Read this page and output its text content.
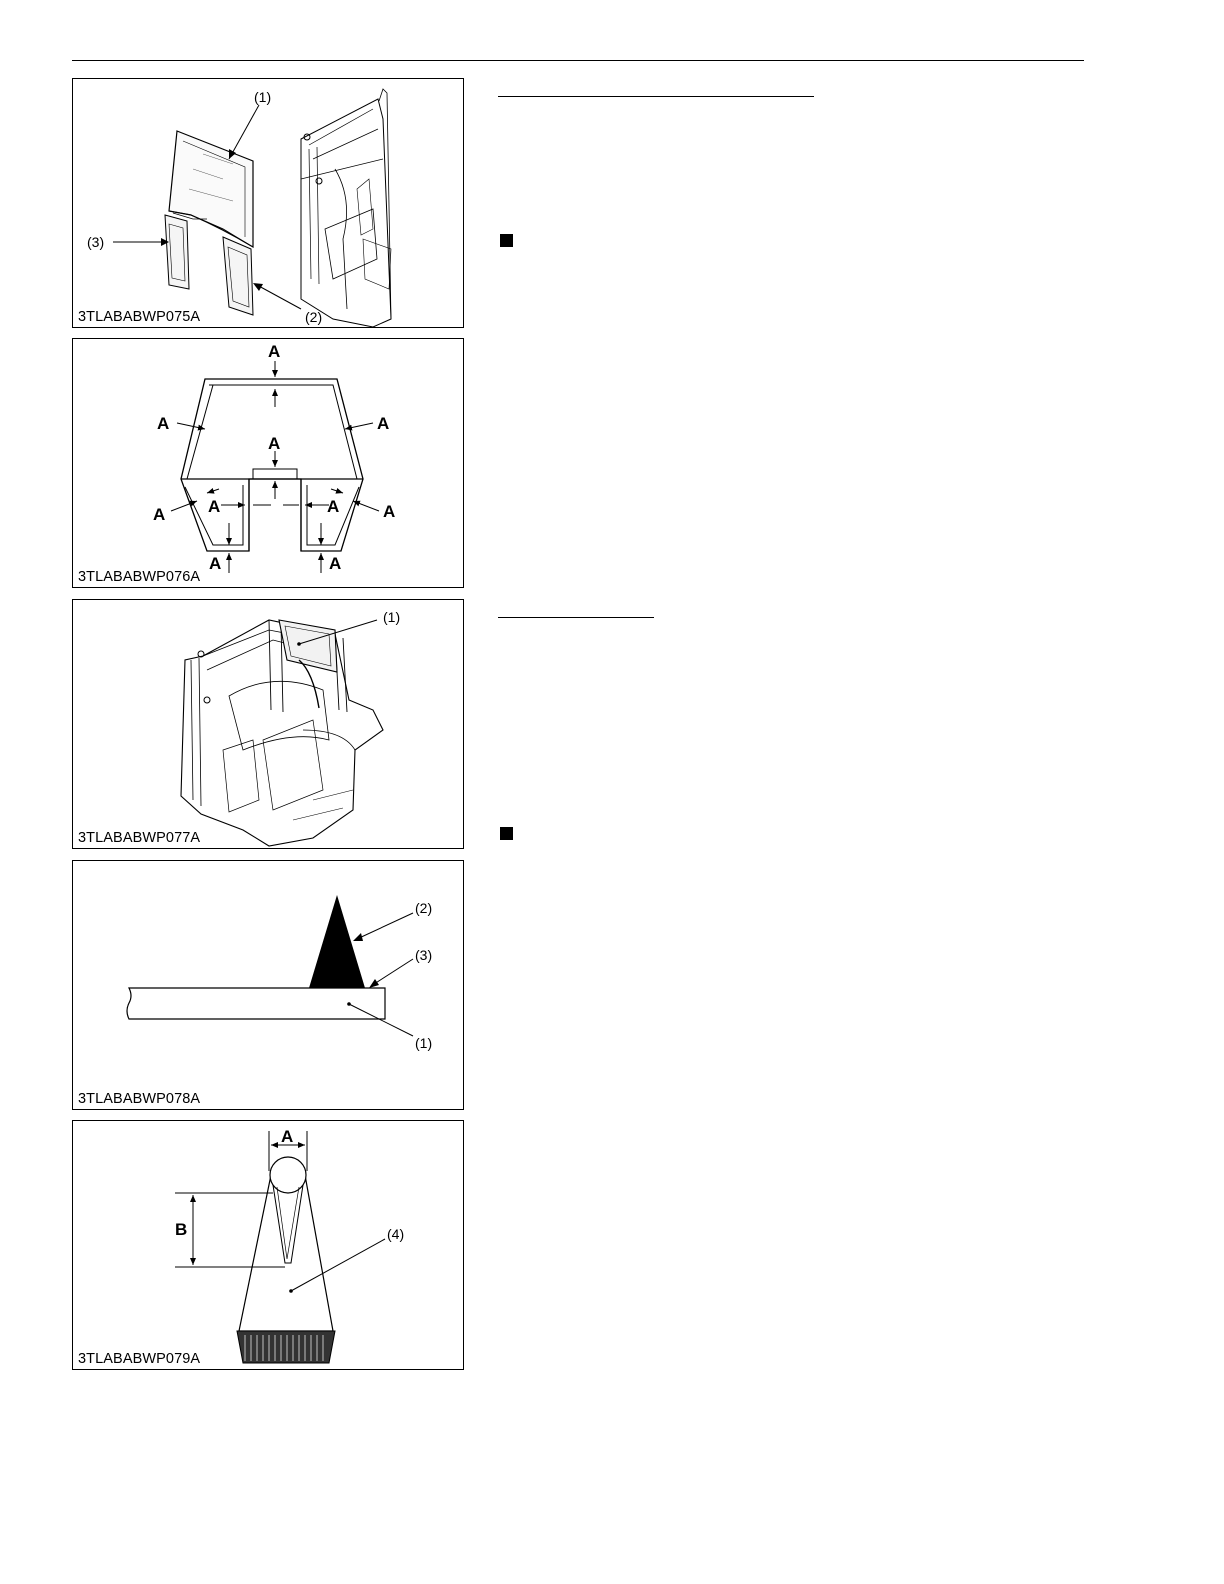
(1)
(2)
(3)
3TLABABWP075A
A
A	A
A
A	A	A	A
A	A
3TLABABWP076A
(1)
3TLABABWP077A
(1)
(2)
(3)
3TLABABWP078A
A
B	(4)
3TLABABWP079A
